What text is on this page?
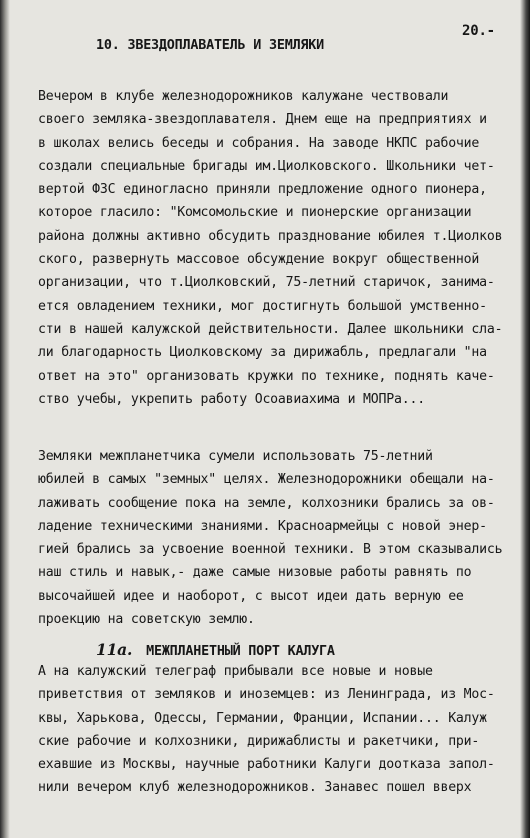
20.-
10. ЗВЕЗДОПЛАВАТЕЛЬ И ЗЕМЛЯКИ
Вечером в клубе железнодорожников калужане чествовали
своего земляка-звездоплавателя. Днем еще на предприятиях и
в школах велись беседы и собрания. На заводе НКПС рабочие
создали специальные бригады им.Циолковского. Школьники чет-
вертой ФЗС единогласно приняли предложение одного пионера,
которое гласило: "Комсомольские и пионерские организации
района должны активно обсудить празднование юбилея т.Циолков
ского, развернуть массовое обсуждение вокруг общественной
организации, что т.Циолковский, 75-летний старичок, занима-
ется овладением техники, мог достигнуть большой умственно-
сти в нашей калужской действительности. Далее школьники сла-
ли благодарность Циолковскому за дирижабль, предлагали "на
ответ на это" организовать кружки по технике, поднять каче-
ство учебы, укрепить работу Осоавиахима и МОПРа...
Земляки межпланетчика сумели использовать 75-летний
юбилей в самых "земных" целях. Железнодорожники обещали на-
лаживать сообщение пока на земле, колхозники брались за ов-
ладение техническими знаниями. Красноармейцы с новой энер-
гией брались за усвоение военной техники. В этом сказывались
наш стиль и навык,- даже самые низовые работы равнять по
высочайшей идее и наоборот, с высот идеи дать верную ее
проекцию на советскую землю.
11а. МЕЖПЛАНЕТНЫЙ ПОРТ КАЛУГА
А на калужский телеграф прибывали все новые и новые
приветствия от земляков и иноземцев: из Ленинграда, из Мос-
квы, Харькова, Одессы, Германии, Франции, Испании... Калуж
ские рабочие и колхозники, дирижаблисты и ракетчики, при-
ехавшие из Москвы, научные работники Калуги доотказа запол-
нили вечером клуб железнодорожников. Занавес пошел вверх
